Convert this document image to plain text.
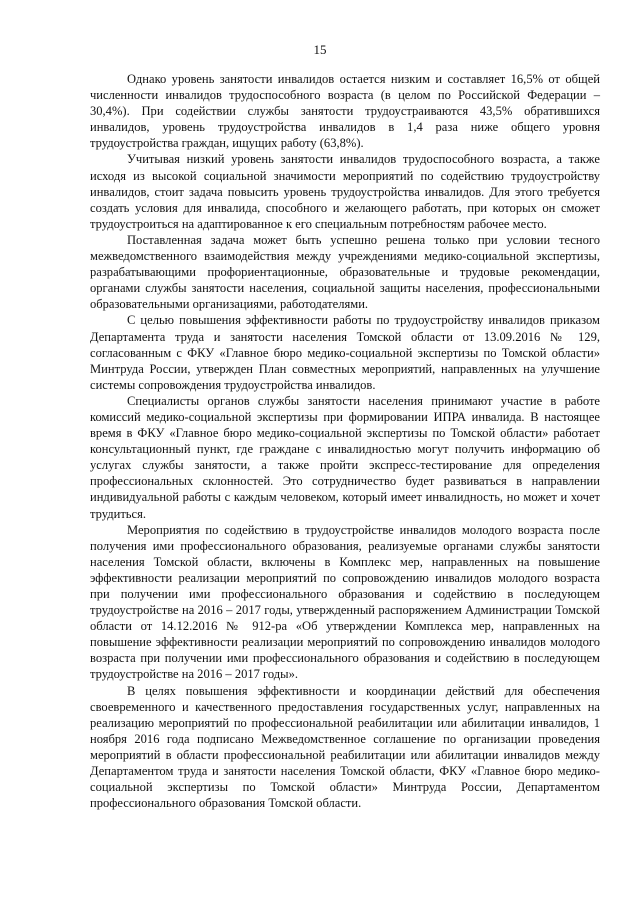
15

Однако уровень занятости инвалидов остается низким и составляет 16,5% от общей численности инвалидов трудоспособного возраста (в целом по Российской Федерации – 30,4%). При содействии службы занятости трудоустраиваются 43,5% обратившихся инвалидов, уровень трудоустройства инвалидов в 1,4 раза ниже общего уровня трудоустройства граждан, ищущих работу (63,8%).

Учитывая низкий уровень занятости инвалидов трудоспособного возраста, а также исходя из высокой социальной значимости мероприятий по содействию трудоустройству инвалидов, стоит задача повысить уровень трудоустройства инвалидов. Для этого требуется создать условия для инвалида, способного и желающего работать, при которых он сможет трудоустроиться на адаптированное к его специальным потребностям рабочее место.

Поставленная задача может быть успешно решена только при условии тесного межведомственного взаимодействия между учреждениями медико-социальной экспертизы, разрабатывающими профориентационные, образовательные и трудовые рекомендации, органами службы занятости населения, социальной защиты населения, профессиональными образовательными организациями, работодателями.

С целью повышения эффективности работы по трудоустройству инвалидов приказом Департамента труда и занятости населения Томской области от 13.09.2016 № 129, согласованным с ФКУ «Главное бюро медико-социальной экспертизы по Томской области» Минтруда России, утвержден План совместных мероприятий, направленных на улучшение системы сопровождения трудоустройства инвалидов.

Специалисты органов службы занятости населения принимают участие в работе комиссий медико-социальной экспертизы при формировании ИПРА инвалида. В настоящее время в ФКУ «Главное бюро медико-социальной экспертизы по Томской области» работает консультационный пункт, где граждане с инвалидностью могут получить информацию об услугах службы занятости, а также пройти экспресс-тестирование для определения профессиональных склонностей. Это сотрудничество будет развиваться в направлении индивидуальной работы с каждым человеком, который имеет инвалидность, но может и хочет трудиться.

Мероприятия по содействию в трудоустройстве инвалидов молодого возраста после получения ими профессионального образования, реализуемые органами службы занятости населения Томской области, включены в Комплекс мер, направленных на повышение эффективности реализации мероприятий по сопровождению инвалидов молодого возраста при получении ими профессионального образования и содействию в последующем трудоустройстве на 2016 – 2017 годы, утвержденный распоряжением Администрации Томской области от 14.12.2016 № 912-ра «Об утверждении Комплекса мер, направленных на повышение эффективности реализации мероприятий по сопровождению инвалидов молодого возраста при получении ими профессионального образования и содействию в последующем трудоустройстве на 2016 – 2017 годы».

В целях повышения эффективности и координации действий для обеспечения своевременного и качественного предоставления государственных услуг, направленных на реализацию мероприятий по профессиональной реабилитации или абилитации инвалидов, 1 ноября 2016 года подписано Межведомственное соглашение по организации проведения мероприятий в области профессиональной реабилитации или абилитации инвалидов между Департаментом труда и занятости населения Томской области, ФКУ «Главное бюро медико-социальной экспертизы по Томской области» Минтруда России, Департаментом профессионального образования Томской области.
